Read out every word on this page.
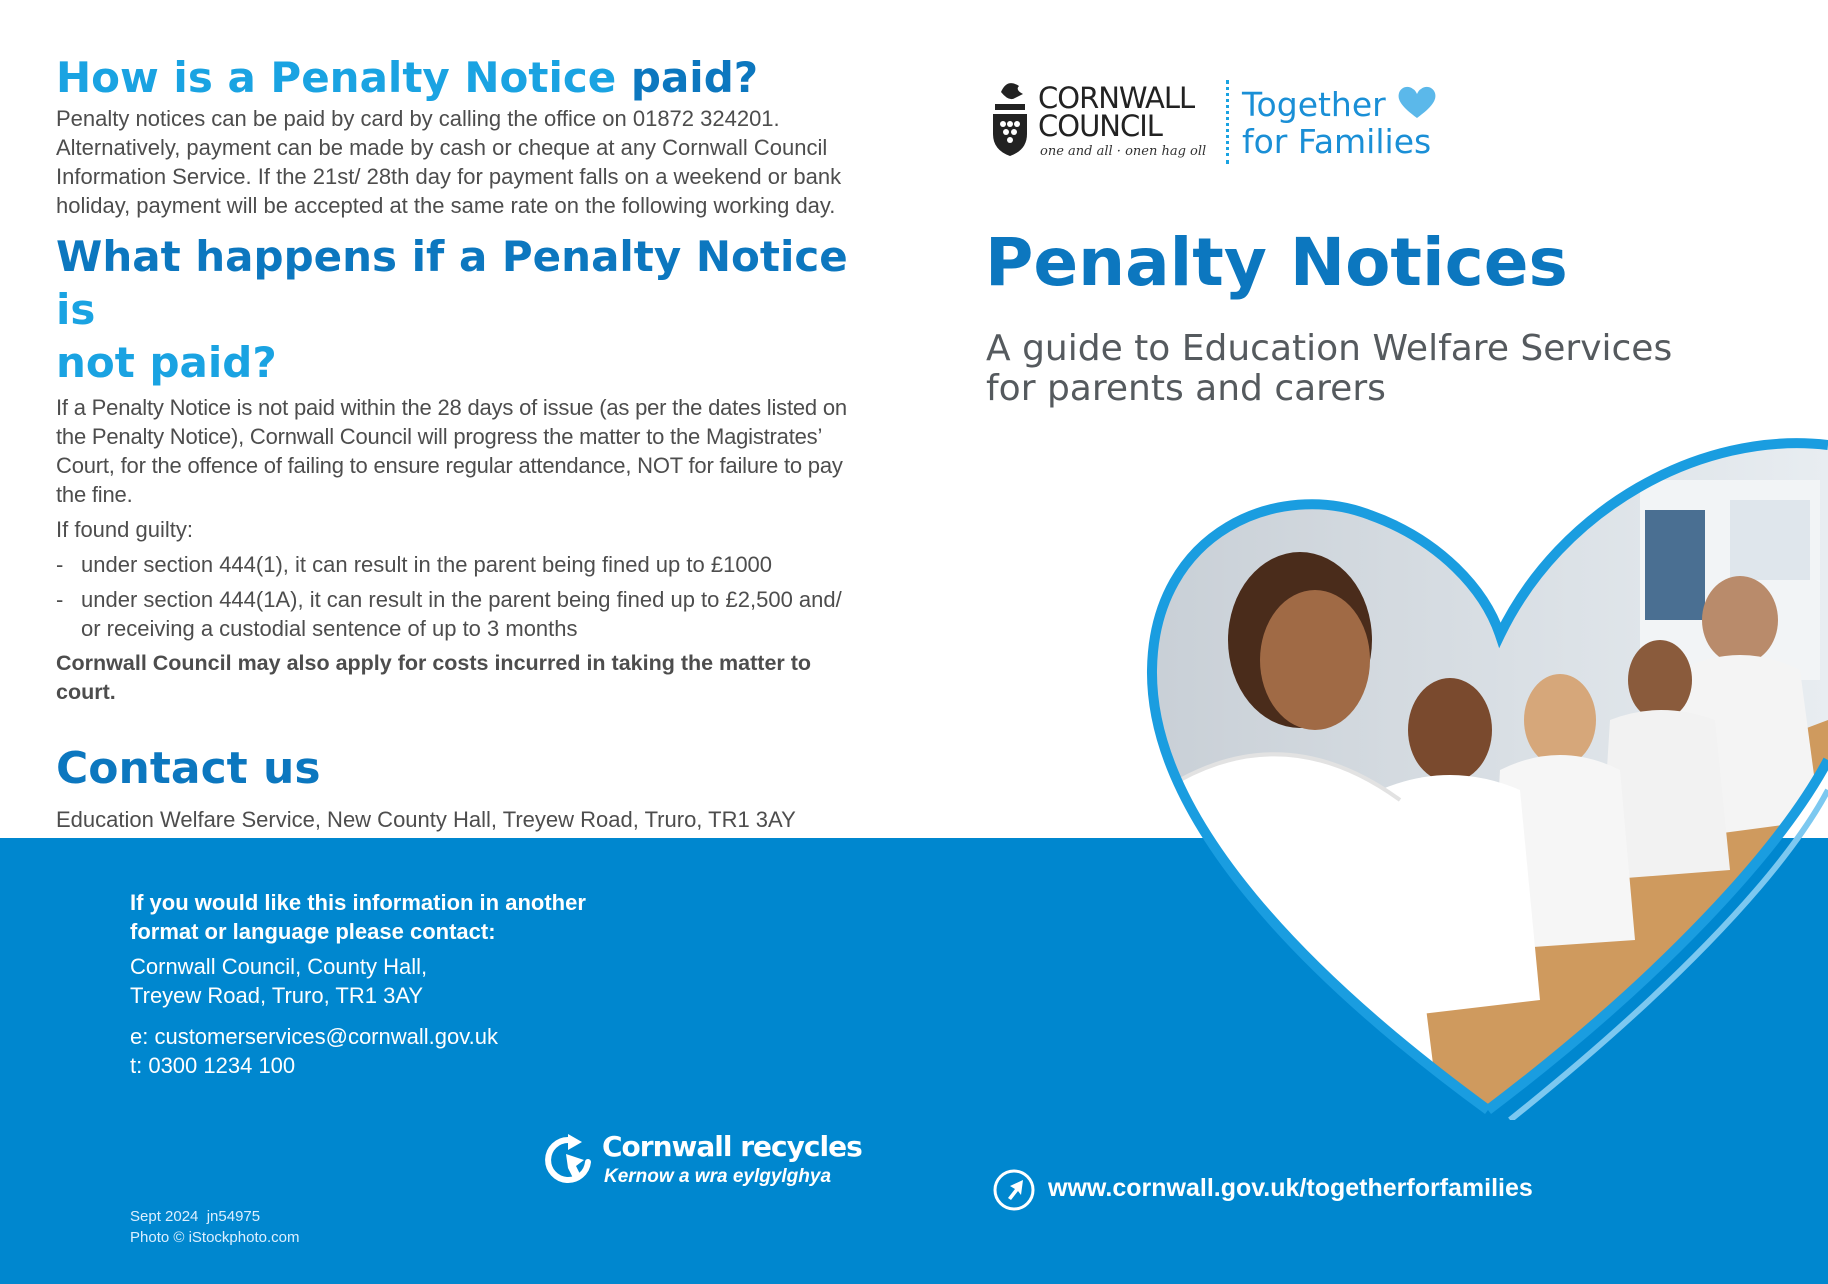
How is a Penalty Notice paid?

Penalty notices can be paid by card by calling the office on 01872 324201. Alternatively, payment can be made by cash or cheque at any Cornwall Council Information Service. If the 21st/ 28th day for payment falls on a weekend or bank holiday, payment will be accepted at the same rate on the following working day.

What happens if a Penalty Notice is
not paid?

If a Penalty Notice is not paid within the 28 days of issue (as per the dates listed on the Penalty Notice), Cornwall Council will progress the matter to the Magistrates’ Court, for the offence of failing to ensure regular attendance, NOT for failure to pay the fine.

If found guilty:

- under section 444(1), it can result in the parent being fined up to £1000
- under section 444(1A), it can result in the parent being fined up to £2,500 and/ or receiving a custodial sentence of up to 3 months

Cornwall Council may also apply for costs incurred in taking the matter to court.

Contact us

Education Welfare Service, New County Hall, Treyew Road, Truro, TR1 3AY

If you would like this information in another
format or language please contact:
Cornwall Council, County Hall,
Treyew Road, Truro, TR1 3AY
e: customerservices@cornwall.gov.uk
t: 0300 1234 100
Cornwall recycles
Kernow a wra eylgylghya
Sept 2024  jn54975
Photo © iStockphoto.com
www.cornwall.gov.uk/togetherforfamilies
CORNWALL
COUNCIL
one and all · onen hag oll
Together
for Families
Penalty Notices
A guide to Education Welfare Services
for parents and carers
